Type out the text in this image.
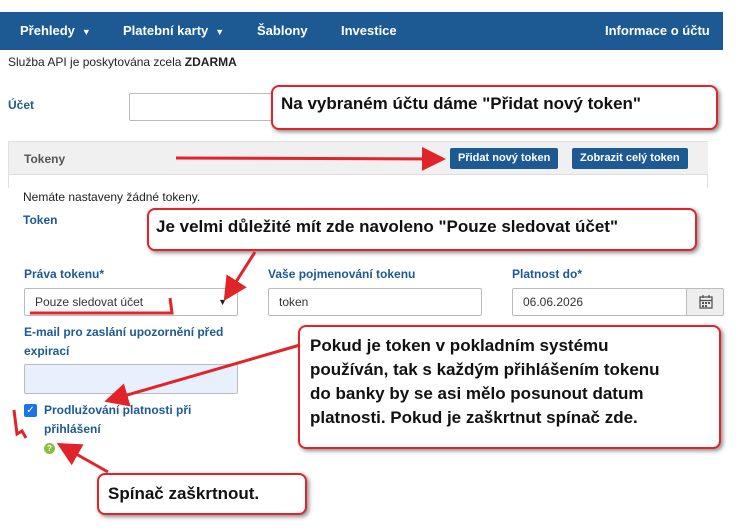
Přehledy ▼ Platební karty ▼	Šablony	Investice	Informace o účtu
Služba API je poskytována zcela ZDARMA
Účet
Tokeny	Přidat nový token	Zobrazit celý token
Nemáte nastaveny žádné tokeny.
Token
Práva tokenu*
Pouze sledovat účet	▼
Vaše pojmenování tokenu
token
Platnost do*
06.06.2026
E-mail pro zaslání upozornění před expirací
✓ Prodlužování platnosti při přihlášení
?
Na vybraném účtu dáme "Přidat nový token"
Je velmi důležité mít zde navoleno "Pouze sledovat účet"
Pokud je token v pokladním systému
používán, tak s každým přihlášením tokenu
do banky by se asi mělo posunout datum
platnosti. Pokud je zaškrtnut spínač zde.
Spínač zaškrtnout.
